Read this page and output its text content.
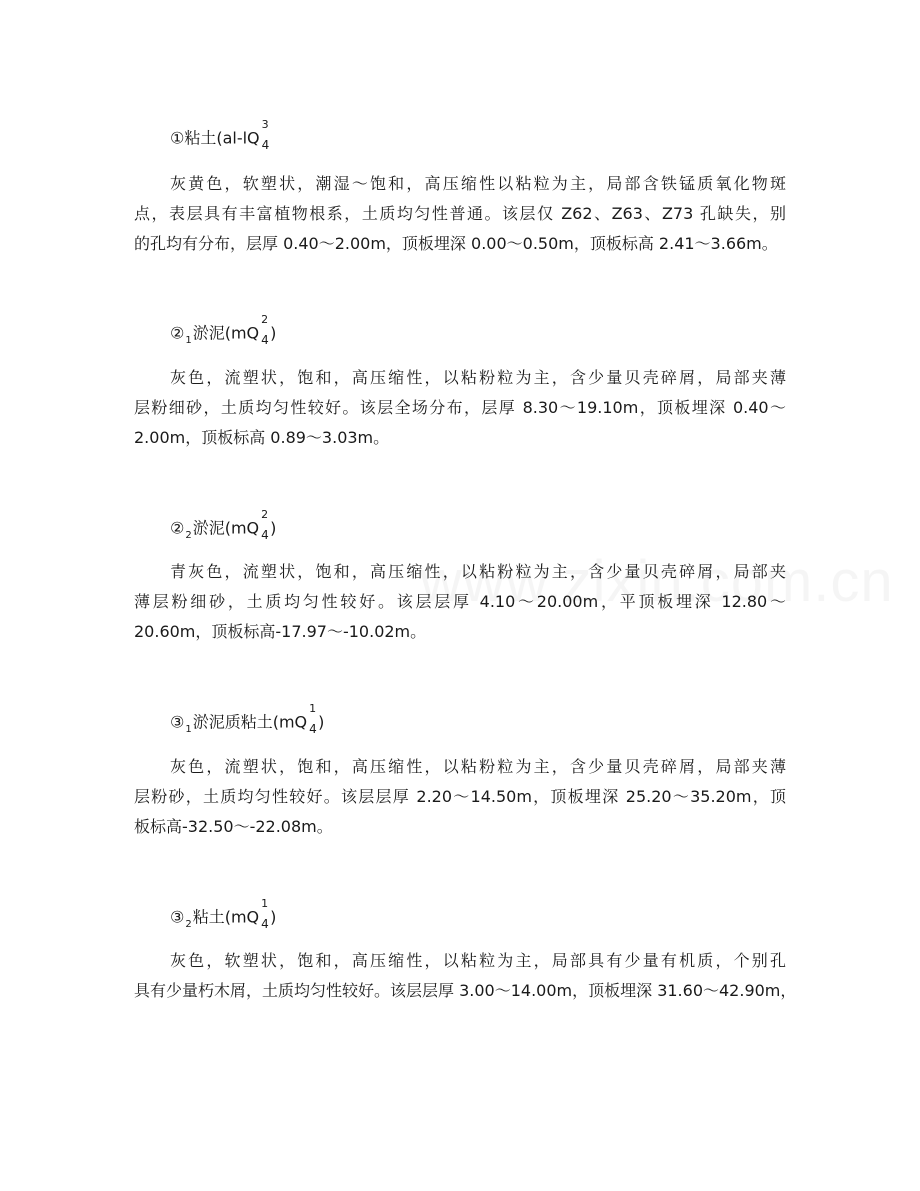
①粘土(al-lQ
3
4
灰黄色，软塑状，潮湿～饱和，高压缩性以粘粒为主，局部含铁锰质氧化物斑
点，表层具有丰富植物根系，土质均匀性普通。该层仅 Z62、Z63、Z73 孔缺失，别
的孔均有分布，层厚 0.40～2.00m，顶板埋深 0.00～0.50m，顶板标高 2.41～3.66m。
$②_1$淤泥(mQ
2
4 )
灰色，流塑状，饱和，高压缩性，以粘粉粒为主，含少量贝壳碎屑，局部夹薄
层粉细砂，土质均匀性较好。该层全场分布，层厚 8.30～19.10m，顶板埋深 0.40～
2.00m，顶板标高 0.89～3.03m。
$②_2$淤泥(mQ
2
4 )
青灰色，流塑状，饱和，高压缩性，以粘粉粒为主，含少量贝壳碎屑，局部夹
薄层粉细砂，土质均匀性较好。该层层厚 4.10～20.00m，平顶板埋深 12.80～
20.60m，顶板标高-17.97～-10.02m。
$③_1$淤泥质粘土(mQ
1
4 )
灰色，流塑状，饱和，高压缩性，以粘粉粒为主，含少量贝壳碎屑，局部夹薄
层粉砂，土质均匀性较好。该层层厚 2.20～14.50m，顶板埋深 25.20～35.20m，顶
板标高-32.50～-22.08m。
$③_2$粘土(mQ
1
4 )
灰色，软塑状，饱和，高压缩性，以粘粒为主，局部具有少量有机质，个别孔
具有少量朽木屑，土质均匀性较好。该层层厚 3.00～14.00m，顶板埋深 31.60～42.90m，
